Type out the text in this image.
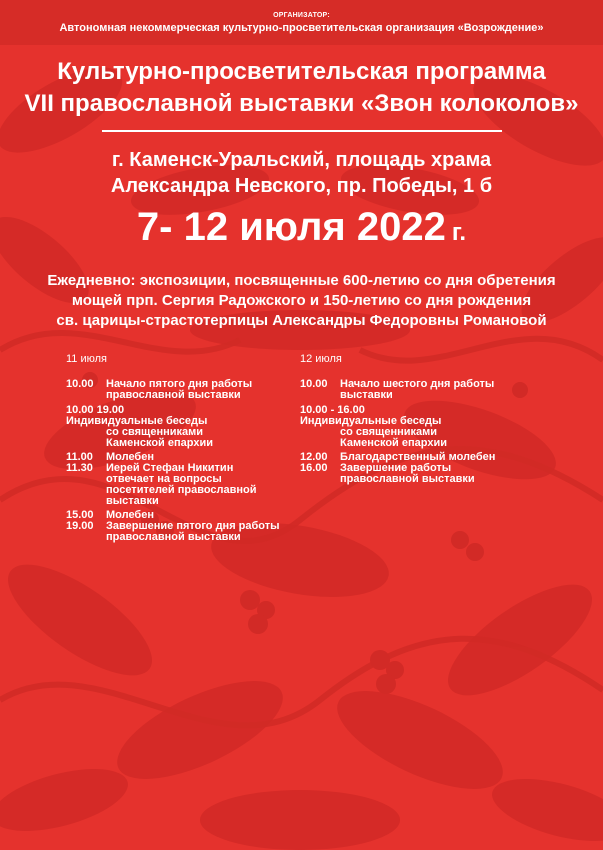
ОРГАНИЗАТОР:
Автономная некоммерческая культурно-просветительская организация «Возрождение»
Культурно-просветительская программа
VII православной выставки «Звон колоколов»
г. Каменск-Уральский, площадь храма
Александра Невского, пр. Победы, 1 б
7- 12 июля 2022 г.
Ежедневно: экспозиции, посвященные 600-летию со дня обретения
мощей прп. Сергия Радожского и 150-летию со дня рождения
св. царицы-страстотерпицы Александры Федоровны Романовой
11 июля
10.00	Начало пятого дня работы
православной выставки
10.00 19.00
Индивидуальные беседы
со священниками
Каменской епархии
11.00	Молебен
11.30	Иерей Стефан Никитин
отвечает на вопросы
посетителей православной
выставки
15.00	Молебен
19.00	Завершение пятого дня работы
православной выставки
12 июля
10.00	Начало шестого дня работы
выставки
10.00 - 16.00
Индивидуальные беседы
со священниками
Каменской епархии
12.00	Благодарственный молебен
16.00	Завершение работы
православной выставки
